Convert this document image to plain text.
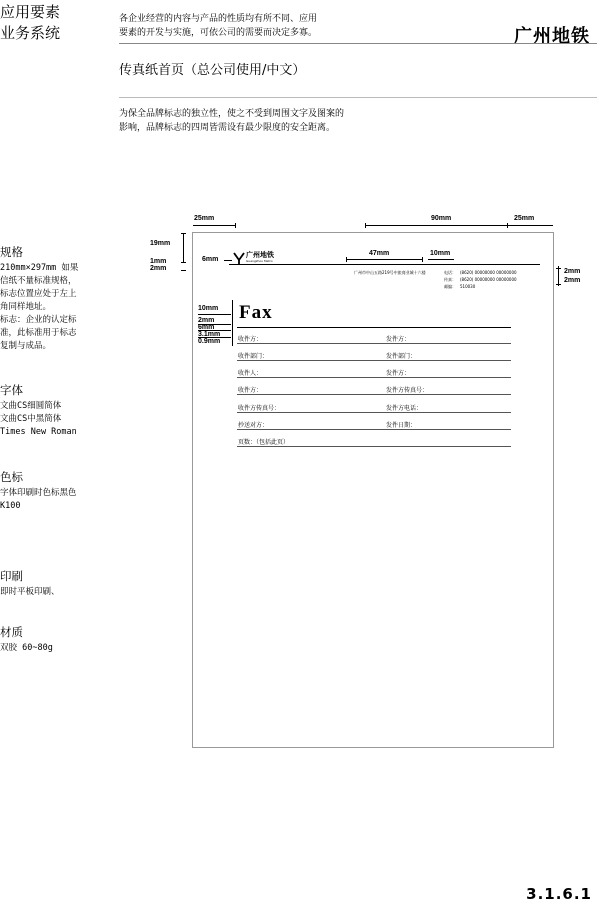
应用要素
业务系统
各企业经营的内容与产品的性质均有所不同、应用
要素的开发与实施，可依公司的需要而决定多寡。	广州地铁
传真纸首页（总公司使用/中文）
为保全品牌标志的独立性，使之不受到周围文字及图案的
影响，品牌标志的四周皆需设有最少限度的安全距离。
规格

210mm×297mm 如果
信纸不量标准规格，
标志位置应处于左上
角同样地址。
标志：企业的认定标
准，此标准用于标志
复制与成品。

字体

文曲CS细圆简体
文曲CS中黑简体
Times New Roman

色标

字体印刷时色标黑色
K100

印刷

即时平板印刷、

材质

双胶 60~80g

25mm	90mm	25mm
19mm
1mm
2mm	2mm
2mm
6mm
广州地铁
Guangzhou Metro
47mm	10mm
广州市中山五路219号中旅商业城十六楼	电话： (8620) 00000000 00000000
传真： (8620) 00000000 00000000
邮编： 510030
Fax
10mm
2mm
6mm
3.1mm
0.9mm	收件方：	发件方：
收件部门：	发件部门：
收件人：	发件方：
收件方：	发件方传真号：
收件方传真号：	发件方电话：
抄送对方：	发件日期：
页数：（包括此页）
3.1.6.1
